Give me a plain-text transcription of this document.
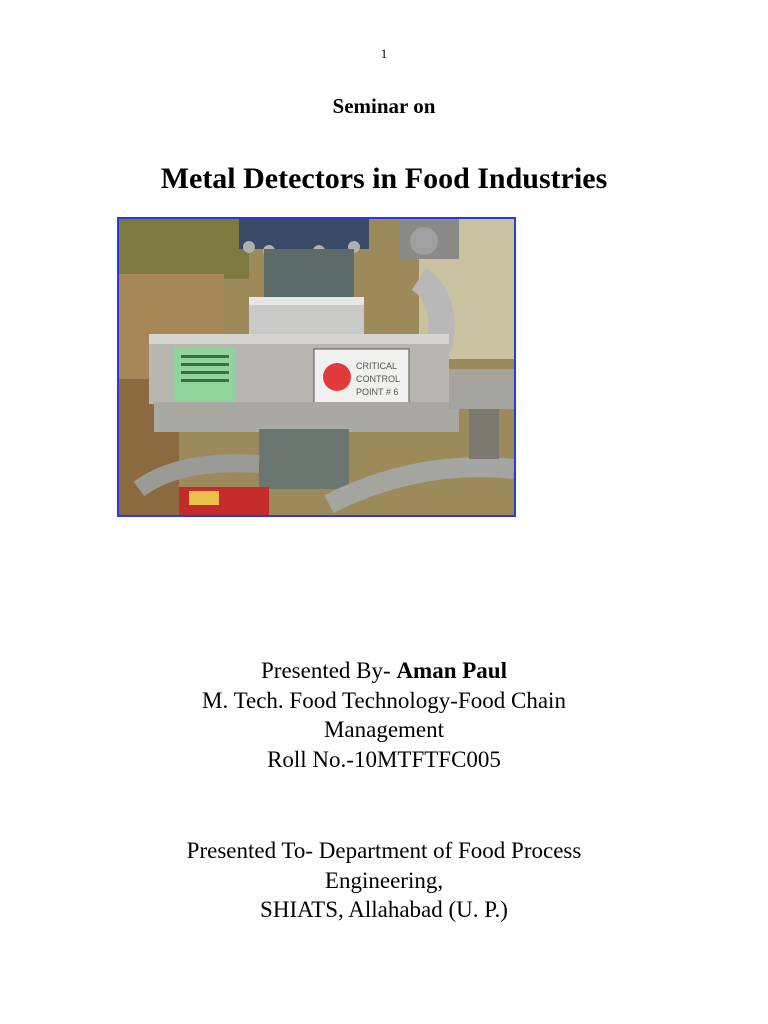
1
Seminar on
Metal Detectors in Food Industries
CRITICAL
CONTROL
POINT # 6
Presented By- Aman Paul
M. Tech. Food Technology-Food Chain
Management
Roll No.-10MTFTFC005
Presented To- Department of Food Process
Engineering,
SHIATS, Allahabad (U. P.)
